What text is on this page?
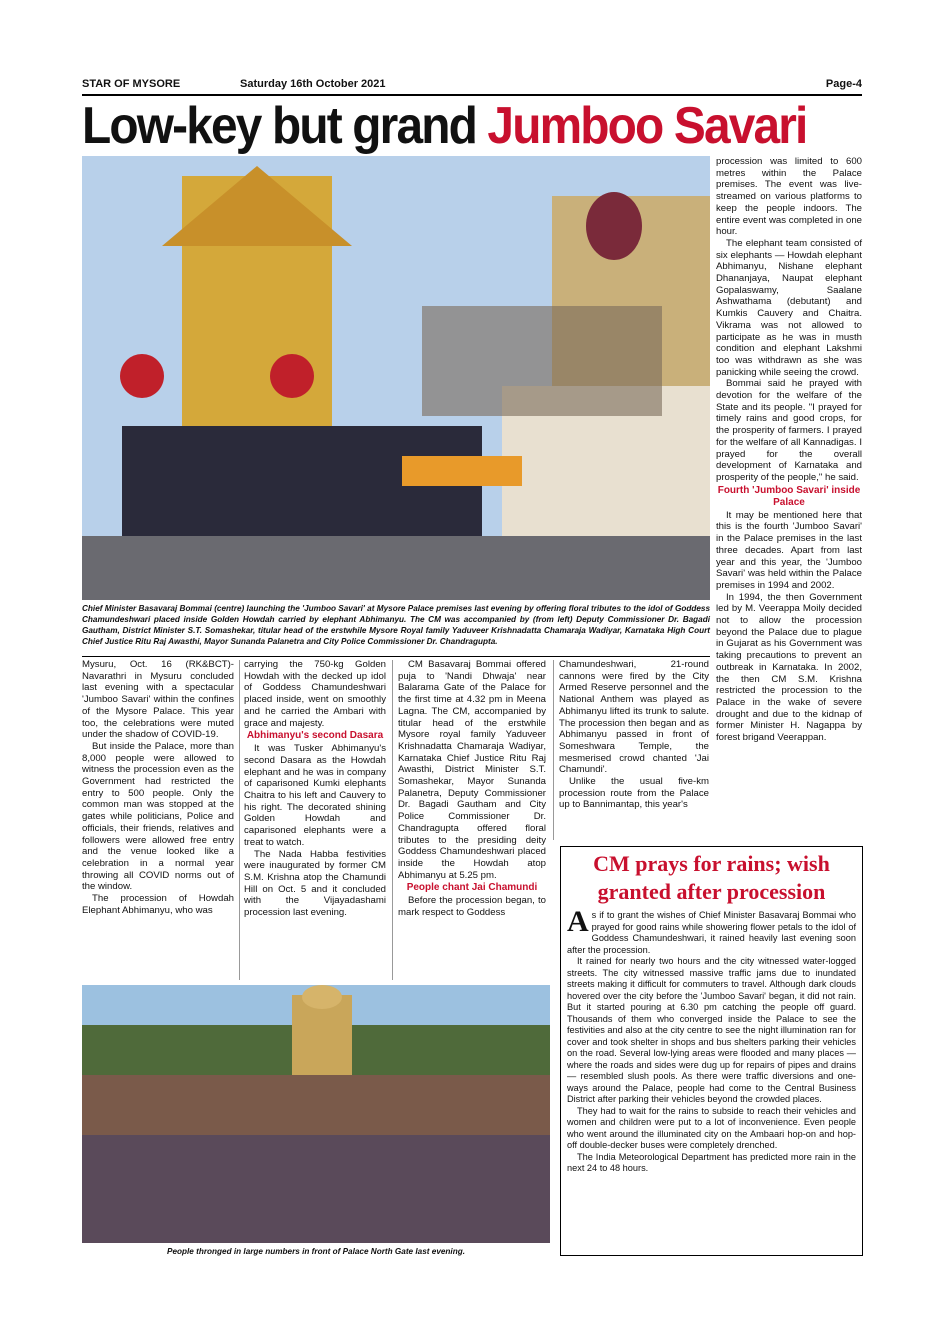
STAR OF MYSORE	Saturday 16th October 2021	Page-4
Low-key but grand Jumboo Savari

procession was limited to 600 metres within the Palace premises. The event was live-streamed on various platforms to keep the people indoors. The entire event was completed in one hour.

The elephant team consisted of six elephants — Howdah elephant Abhimanyu, Nishane elephant Dhananjaya, Naupat elephant Gopalaswamy, Saalane Ashwathama (debutant) and Kumkis Cauvery and Chaitra. Vikrama was not allowed to participate as he was in musth condition and elephant Lakshmi too was withdrawn as she was panicking while seeing the crowd.

Bommai said he prayed with devotion for the welfare of the State and its people. "I prayed for timely rains and good crops, for the prosperity of farmers. I prayed for the welfare of all Kannadigas. I prayed for the overall development of Karnataka and prosperity of the people," he said.

Fourth 'Jumboo Savari' inside Palace

It may be mentioned here that this is the fourth 'Jumboo Savari' in the Palace premises in the last three decades. Apart from last year and this year, the 'Jumboo Savari' was held within the Palace premises in 1994 and 2002.

In 1994, the then Government led by M. Veerappa Moily decided not to allow the procession beyond the Palace due to plague in Gujarat as his Government was taking precautions to prevent an outbreak in Karnataka. In 2002, the then CM S.M. Krishna restricted the procession to the Palace in the wake of severe drought and due to the kidnap of former Minister H. Nagappa by forest brigand Veerappan.

Chief Minister Basavaraj Bommai (centre) launching the 'Jumboo Savari' at Mysore Palace premises last evening by offering floral tributes to the idol of Goddess Chamundeshwari placed inside Golden Howdah carried by elephant Abhimanyu. The CM was accompanied by (from left) Deputy Commissioner Dr. Bagadi Gautham, District Minister S.T. Somashekar, titular head of the erstwhile Mysore Royal family Yaduveer Krishnadatta Chamaraja Wadiyar, Karnataka High Court Chief Justice Ritu Raj Awasthi, Mayor Sunanda Palanetra and City Police Commissioner Dr. Chandragupta.

Mysuru, Oct. 16 (RK&BCT)- Navarathri in Mysuru concluded last evening with a spectacular 'Jumboo Savari' within the confines of the Mysore Palace. This year too, the celebrations were muted under the shadow of COVID-19.

But inside the Palace, more than 8,000 people were allowed to witness the procession even as the Government had restricted the entry to 500 people. Only the common man was stopped at the gates while politicians, Police and officials, their friends, relatives and followers were allowed free entry and the venue looked like a celebration in a normal year throwing all COVID norms out of the window.

The procession of Howdah Elephant Abhimanyu, who was

carrying the 750-kg Golden Howdah with the decked up idol of Goddess Chamundeshwari placed inside, went on smoothly and he carried the Ambari with grace and majesty.

Abhimanyu's second Dasara

It was Tusker Abhimanyu's second Dasara as the Howdah elephant and he was in company of caparisoned Kumki elephants Chaitra to his left and Cauvery to his right. The decorated shining Golden Howdah and caparisoned elephants were a treat to watch.

The Nada Habba festivities were inaugurated by former CM S.M. Krishna atop the Chamundi Hill on Oct. 5 and it concluded with the Vijayadashami procession last evening.

CM Basavaraj Bommai offered puja to 'Nandi Dhwaja' near Balarama Gate of the Palace for the first time at 4.32 pm in Meena Lagna. The CM, accompanied by titular head of the erstwhile Mysore royal family Yaduveer Krishnadatta Chamaraja Wadiyar, Karnataka Chief Justice Ritu Raj Awasthi, District Minister S.T. Somashekar, Mayor Sunanda Palanetra, Deputy Commissioner Dr. Bagadi Gautham and City Police Commissioner Dr. Chandragupta offered floral tributes to the presiding deity Goddess Chamundeshwari placed inside the Howdah atop Abhimanyu at 5.25 pm.

People chant Jai Chamundi

Before the procession began, to mark respect to Goddess

Chamundeshwari, 21-round cannons were fired by the City Armed Reserve personnel and the National Anthem was played as Abhimanyu lifted its trunk to salute. The procession then began and as Abhimanyu passed in front of Someshwara Temple, the mesmerised crowd chanted 'Jai Chamundi'.

Unlike the usual five-km procession route from the Palace up to Bannimantap, this year's

People thronged in large numbers in front of Palace North Gate last evening.
CM prays for rains; wish
granted after procession

As if to grant the wishes of Chief Minister Basavaraj Bommai who prayed for good rains while showering flower petals to the idol of Goddess Chamundeshwari, it rained heavily last evening soon after the procession.

It rained for nearly two hours and the city witnessed water-logged streets. The city witnessed massive traffic jams due to inundated streets making it difficult for commuters to travel. Although dark clouds hovered over the city before the 'Jumboo Savari' began, it did not rain. But it started pouring at 6.30 pm catching the people off guard. Thousands of them who converged inside the Palace to see the festivities and also at the city centre to see the night illumination ran for cover and took shelter in shops and bus shelters parking their vehicles on the road. Several low-lying areas were flooded and many places — where the roads and sides were dug up for repairs of pipes and drains — resembled slush pools. As there were traffic diversions and one-ways around the Palace, people had come to the Central Business District after parking their vehicles beyond the crowded places.

They had to wait for the rains to subside to reach their vehicles and women and children were put to a lot of inconvenience. Even people who went around the illuminated city on the Ambaari hop-on and hop-off double-decker buses were completely drenched.

The India Meteorological Department has predicted more rain in the next 24 to 48 hours.
